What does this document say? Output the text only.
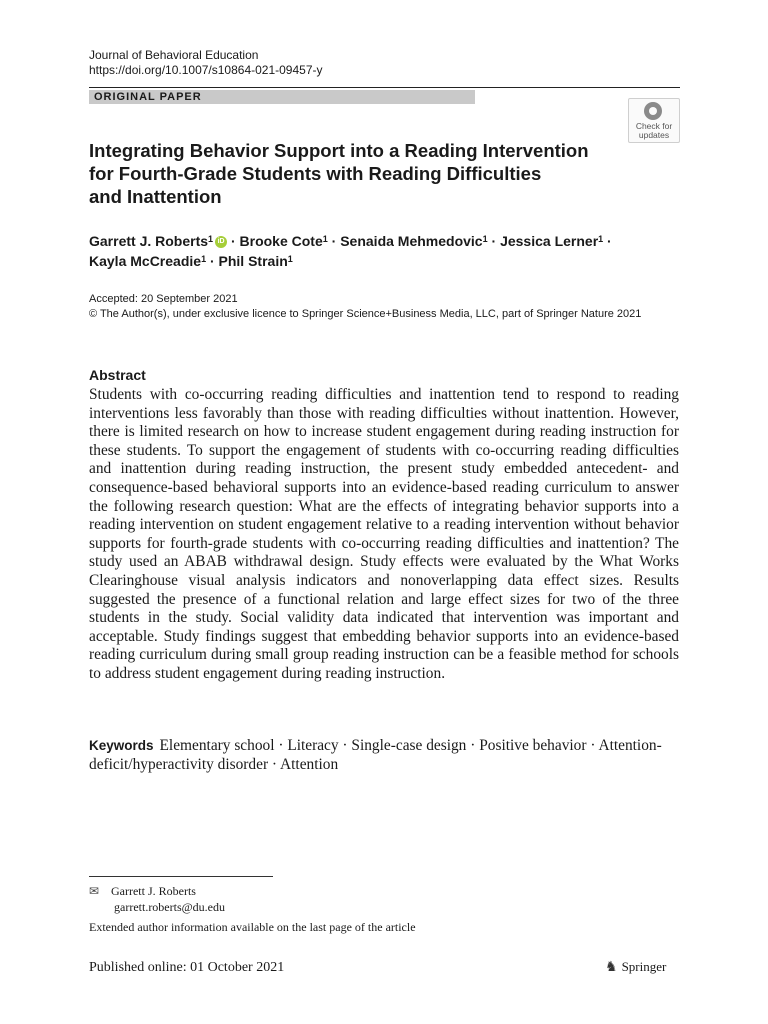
Journal of Behavioral Education
https://doi.org/10.1007/s10864-021-09457-y
ORIGINAL PAPER
Check for updates
Integrating Behavior Support into a Reading Intervention
for Fourth-Grade Students with Reading Difficulties
and Inattention
Garrett J. Roberts$^1$ iD · Brooke Cote$^1$ · Senaida Mehmedovic$^1$ · Jessica Lerner$^1$ ·
Kayla McCreadie$^1$ · Phil Strain$^1$
Accepted: 20 September 2021
© The Author(s), under exclusive licence to Springer Science+Business Media, LLC, part of Springer Nature 2021
Abstract
Students with co-occurring reading difficulties and inattention tend to respond to reading interventions less favorably than those with reading difficulties without inattention. However, there is limited research on how to increase student engagement during reading instruction for these students. To support the engagement of students with co-occurring reading difficulties and inattention during reading instruction, the present study embedded antecedent- and consequence-based behavioral supports into an evidence-based reading curriculum to answer the following research question: What are the effects of integrating behavior supports into a reading intervention on student engagement relative to a reading intervention without behavior supports for fourth-grade students with co-occurring reading difficulties and inattention? The study used an ABAB withdrawal design. Study effects were evaluated by the What Works Clearinghouse visual analysis indicators and nonoverlapping data effect sizes. Results suggested the presence of a functional relation and large effect sizes for two of the three students in the study. Social validity data indicated that intervention was important and acceptable. Study findings suggest that embedding behavior supports into an evidence-based reading curriculum during small group reading instruction can be a feasible method for schools to address student engagement during reading instruction.
Keywords Elementary school · Literacy · Single-case design · Positive behavior · Attention-deficit/hyperactivity disorder · Attention
✉ Garrett J. Roberts
garrett.roberts@du.edu
Extended author information available on the last page of the article
Published online: 01 October 2021	♞ Springer
